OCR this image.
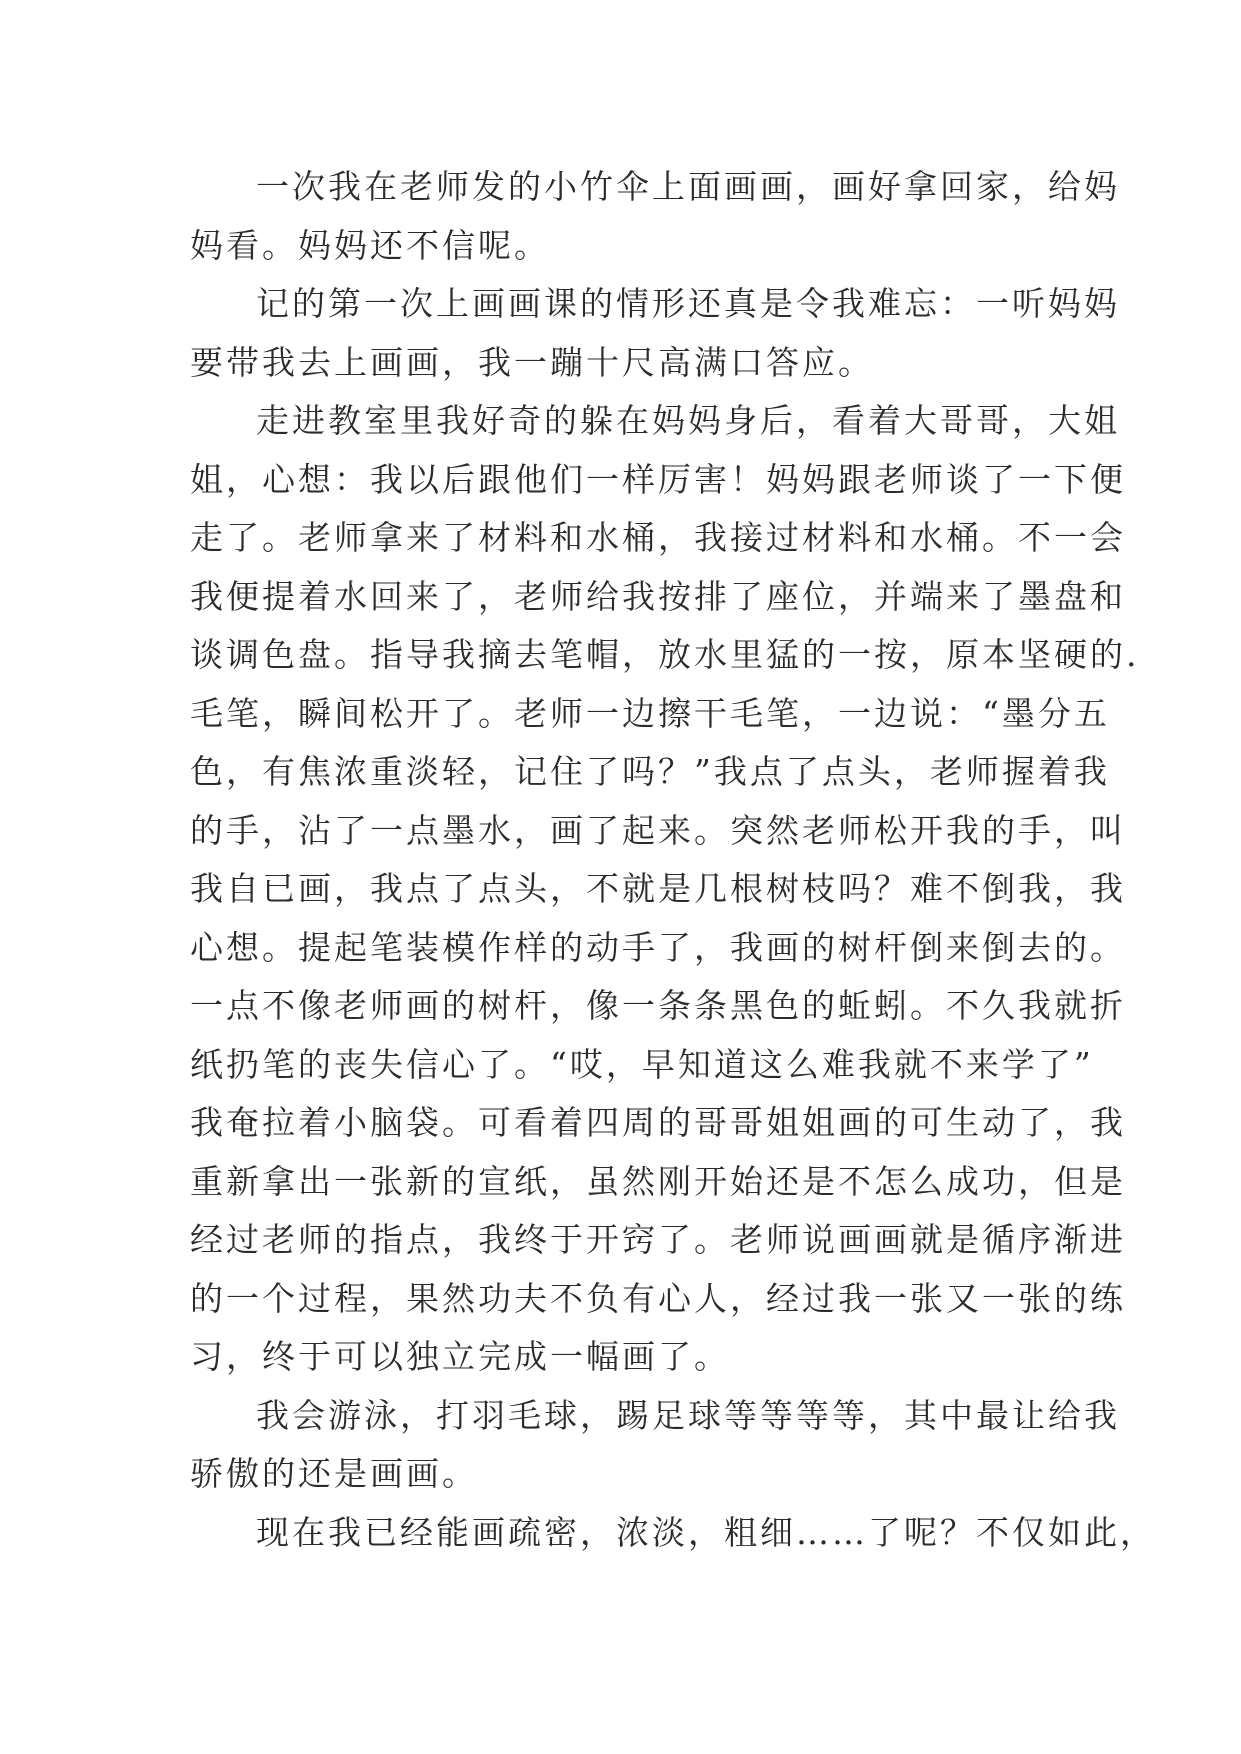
一次我在老师发的小竹伞上面画画，画好拿回家，给妈
妈看。妈妈还不信呢。

记的第一次上画画课的情形还真是令我难忘：一听妈妈
要带我去上画画，我一蹦十尺高满口答应。

走进教室里我好奇的躲在妈妈身后，看着大哥哥，大姐
姐，心想：我以后跟他们一样厉害！妈妈跟老师谈了一下便
走了。老师拿来了材料和水桶，我接过材料和水桶。不一会
我便提着水回来了，老师给我按排了座位，并端来了墨盘和
谈调色盘。指导我摘去笔帽，放水里猛的一按，原本坚硬的.
毛笔，瞬间松开了。老师一边擦干毛笔，一边说：“墨分五
色，有焦浓重淡轻，记住了吗？”我点了点头，老师握着我
的手，沾了一点墨水，画了起来。突然老师松开我的手，叫
我自已画，我点了点头，不就是几根树枝吗？难不倒我，我
心想。提起笔装模作样的动手了，我画的树杆倒来倒去的。
一点不像老师画的树杆，像一条条黑色的蚯蚓。不久我就折
纸扔笔的丧失信心了。“哎，早知道这么难我就不来学了”
我奄拉着小脑袋。可看着四周的哥哥姐姐画的可生动了，我
重新拿出一张新的宣纸，虽然刚开始还是不怎么成功，但是
经过老师的指点，我终于开窍了。老师说画画就是循序渐进
的一个过程，果然功夫不负有心人，经过我一张又一张的练
习，终于可以独立完成一幅画了。

我会游泳，打羽毛球，踢足球等等等等，其中最让给我
骄傲的还是画画。

现在我已经能画疏密，浓淡，粗细……了呢？不仅如此，
